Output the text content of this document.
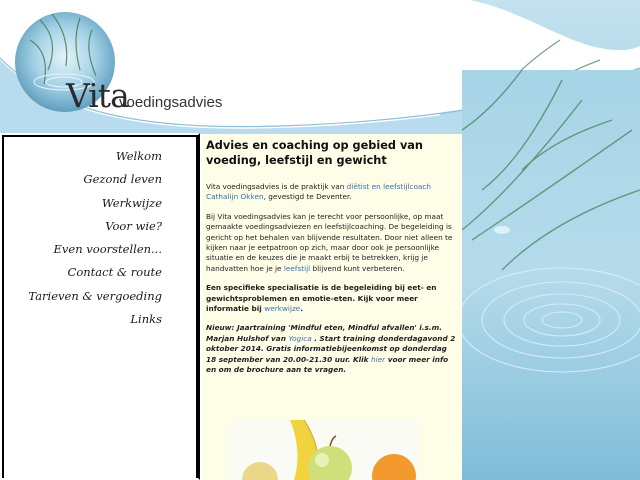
Vita
voedingsadvies
Welkom
Gezond leven
Werkwijze
Voor wie?
Even voorstellen...
Contact & route
Tarieven & vergoeding
Links
Advies en coaching op gebied van voeding, leefstijl en gewicht

Vita voedingsadvies is de praktijk van diëtist en leefstijlcoach Cathalijn Okken, gevestigd te Deventer.

Bij Vita voedingsadvies kan je terecht voor persoonlijke, op maat gemaakte voedingsadviezen en leefstijlcoaching. De begeleiding is gericht op het behalen van blijvende resultaten. Door niet alleen te kijken naar je eetpatroon op zich, maar door ook je persoonlijke situatie en de keuzes die je maakt erbij te betrekken, krijg je handvatten hoe je je leefstijl blijvend kunt verbeteren.

Een specifieke specialisatie is de begeleiding bij eet- en gewichtsproblemen en emotie-eten. Kijk voor meer informatie bij werkwijze.

Nieuw: Jaartraining 'Mindful eten, Mindful afvallen' i.s.m. Marjan Hulshof van Yogica . Start training donderdagavond 2 oktober 2014. Gratis informatiebijeenkomst op donderdag 18 september van 20.00-21.30 uur. Klik hier voor meer info en om de brochure aan te vragen.
